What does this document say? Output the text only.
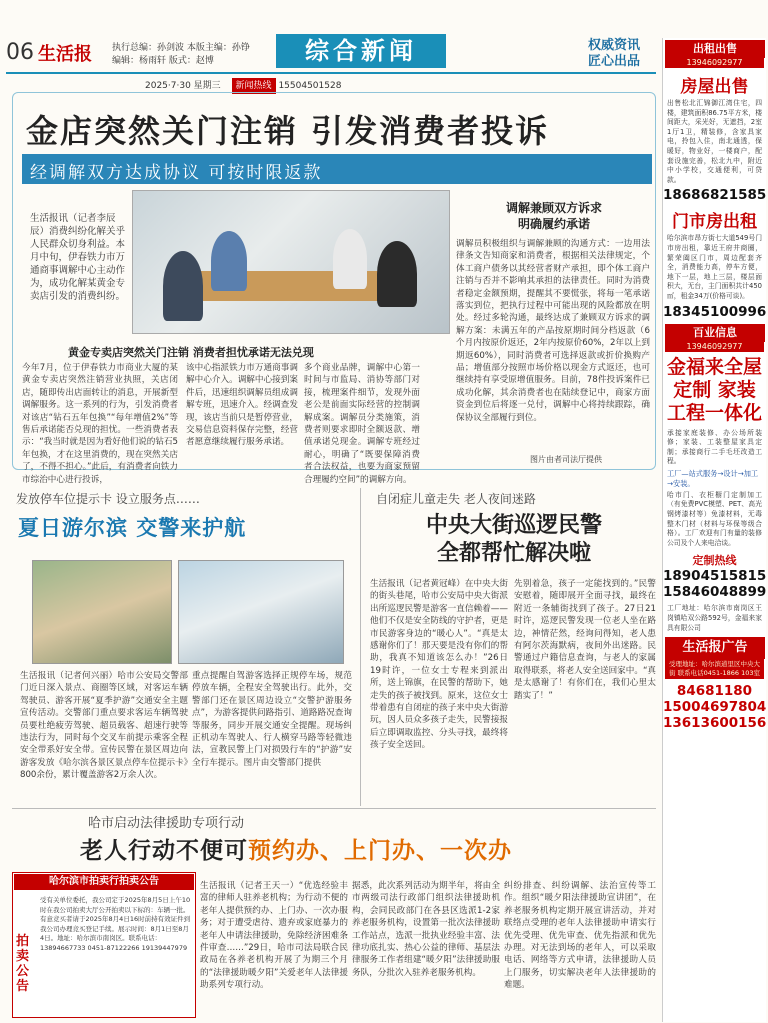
06 生活报 执行总编：孙剑波 本版主编：孙铮
编辑：杨雨轩 版式：赵博	综合新闻	权威资讯
匠心出品
2025·7·30 星期三 新闻热线 15504501528
金店突然关门注销 引发消费者投诉
经调解双方达成协议 可按时限返款
生活报讯（记者李辰辰）消费纠纷化解关乎人民群众切身利益。本月中旬，伊春铁力市万通商事调解中心主动作为，成功化解某黄金专卖店引发的消费纠纷。
黄金专卖店突然关门注销 消费者担忧承诺无法兑现
今年7月，位于伊春铁力市商业大厦的某黄金专卖店突然注销营业执照，关店闭店，随即传出店面转让的消息，开展新型调解服务。这一系列的行为，引发消费者对该店“钻石五年包换”“每年增值2%”等售后承诺能否兑现的担忧。一些消费者表示：“我当时就是因为看好他们说的钻石5年包换，才在这里消费的，现在突然关店了，不得不担心。”此后，有消费者向铁力市综治中心进行投诉，
该中心指派铁力市万通商事调解中心介入。调解中心接到案件后，迅速组织调解员组成调解专班，迅速介入。经调查发现，该店当前只是暂停营业，交易信息资料保存完整，经营者愿意继续履行服务承诺。
多个商业品牌，调解中心第一时间与市监局、消协等部门对接，梳理案件细节，发现外面老公是前面实际经营的控制调解成案。调解员分类施策，消费者则要求即时全额返款、增值承诺兑现金。调解专班经过耐心，明确了“既要保障消费者合法权益，也要为商家预留合理履约空间”的调解方向。
调解兼顾双方诉求
明确履约承诺
调解员积极组织与调解兼顾的沟通方式：一边用法律条文告知商家和消费者，根据相关法律规定，个体工商户债务以其经营者财产承担，即个体工商户注销与否并不影响其承担的法律责任。同时为消费者稳定金额预期，提醒其不要慌张，将每一笔承诺落实到位，把执行过程中可能出现的风险都放在明处。经过多轮沟通，最终达成了兼顾双方诉求的调解方案：未满五年的产品按原期时间分档返款（6个月内按原价返还，2年内按原价60%，2年以上到期返60%），同时消费者可选择返款或折价换购产品；增值部分按照市场价格以现金方式返还，也可继续持有享受原增值服务。目前，78件投诉案件已成功化解，其余消费者也在陆续登记中，商家方面资金到位后将逐一兑付，调解中心将持续跟踪，确保协议全部履行到位。
图片由者司法厅提供
发放停车位提示卡 设立服务点……
夏日游尔滨 交警来护航
生活报讯（记者何兴丽）哈市公安局交警部门近日深入景点、商圈等区域，对客运车辆驾驶员、游客开展“夏季护游”交通安全主题宣传活动。交警部门重点要求客运车辆驾驶员要杜绝疲劳驾驶、超员载客、超速行驶等违法行为，同时每个交叉车前提示乘客全程安全带系好安全带。宣传民警在景区周边向游客发放《哈尔滨各景区景点停车位提示卡》800余份，累计覆盖游客2万余人次。
重点提醒自驾游客选择正规停车场，规范停放车辆，全程安全驾驶出行。此外，交警部门还在景区周边设立“交警护游服务点”，为游客提供问路指引、道路路况查询等服务，同步开展交通安全提醒。现场纠正机动车驾驶人、行人横穿马路等轻微违法，宣教民警上门对损毁行车的“护游”安全行车提示。图片由交警部门提供
自闭症儿童走失 老人夜间迷路
中央大街巡逻民警
全都帮忙解决啦
生活报讯（记者黄冠峰）在中央大街的街头巷尾，哈市公安局中央大街派出所巡逻民警是游客一直信赖着——他们不仅是安全防线的守护者，更是市民游客身边的“暖心人”。“真是太感谢你们了！那天要是没有你们的帮助，我真不知道该怎么办！”26日19时许，一位女士专程来到派出所，送上锦旗，在民警的帮助下，她走失的孩子被找到。原来，这位女士带着患有自闭症的孩子来中央大街游玩，因人员众多孩子走失，民警接报后立即调取监控、分头寻找，最终将孩子安全送回。
先别着急，孩子一定能找到的。”民警安慰着，随即展开全面寻找，最终在附近一条辅街找到了孩子。27日21时许，巡逻民警发现一位老人坐在路边，神情茫然，经询问得知，老人患有阿尔茨海默病，夜间外出迷路。民警通过户籍信息查询，与老人的家属取得联系，将老人安全送回家中。“真是太感谢了！有你们在，我们心里太踏实了！”
哈市启动法律援助专项行动
老人行动不便可预约办、上门办、一次办
哈尔滨市拍卖行拍卖公告
拍卖公告
受有关单位委托，我公司定于2025年8月5日上午10时在我公司拍卖大厅公开拍卖以下标的：车辆一批。有意竞买者请于2025年8月4日16时前持有效证件到我公司办理竞买登记手续。展示时间：8月1日至8月4日。地址：哈尔滨市南岗区。联系电话：13894667733 0451-87122266 19139447979
生活报讯（记者王天一）“优选经验丰富的律师人驻养老机构；为行动不便的老年人提供预约办、上门办、一次办服务；对于遭受虐待、遗弃或家庭暴力的老年人申请法律援助，免除经济困难条件审查……”29日，哈市司法局联合民政局在各养老机构开展了为期三个月的“法律援助暖夕阳”关爱老年人法律援助系列专项行动。
据悉，此次系列活动为期半年，将由全市两级司法行政部门组织法律援助机构，会同民政部门在各县区选派1-2家养老服务机构，设置第一批次法律援助工作站点，选派一批执业经验丰富、法律功底扎实、热心公益的律师、基层法律服务工作者组建“暖夕阳”法律援助服务队，分批次入驻养老服务机构。
纠纷排查、纠纷调解、法治宣传等工作。组织“暖夕阳法律援助宣讲团”，在养老服务机构定期开展宣讲活动，并对联络点受理的老年人法律援助申请实行优先受理、优先审查、优先指派和优先办理。对无法到场的老年人，可以采取电话、网络等方式申请，法律援助人员上门服务，切实解决老年人法律援助的难题。
出租出售
13946092977
房屋出售
出售松北汇锦御江湾住宅，四楼，建筑面积86.75平方米，楼间距大，采光好，无遮挡，2室1厅1卫，精装修，含家具家电，拎包入住，南北通透，保暖好，物业好，一楼商户，配套设施完善，松北九中，附近中小学校，交通便利，可贷款。
18686821585
门市房出租
哈尔滨市昂方街七大道549号门市房出租，靠近王府井商圈，繁荣阖区门市，周边配套齐全，消费能力高，停车方便，地下一层，地上三层，楼层面积大，无台，主门面积共计450㎡，租金34万(价格可谈)。
18345100996
百业信息
13946092977
金福来全屋定制 家装工程一体化
承接家庭装修、办公场所装修；家装、工装整屋家具定制；承接商行二手毛坯改造工程。
工厂—站式服务→设计→加工→安装。
哈市门、衣柜橱门定制加工（有免费PVC模塑、PET、高光钢烤漆材等）免漆材料，无毒整木门材（材料与环保等级合格）。工厂欢迎有门有量的装修公司及个人来电洽谈。
定制热线
18904515815
15846048899
工厂地址：哈尔滨市南岗区王岗镇哈双公路592号，金福来家具有限公司
生活报广告
受理地址：哈尔滨道里区中央大街 联系电话0451-1866 103室
84681180
15004697804
13613600156
